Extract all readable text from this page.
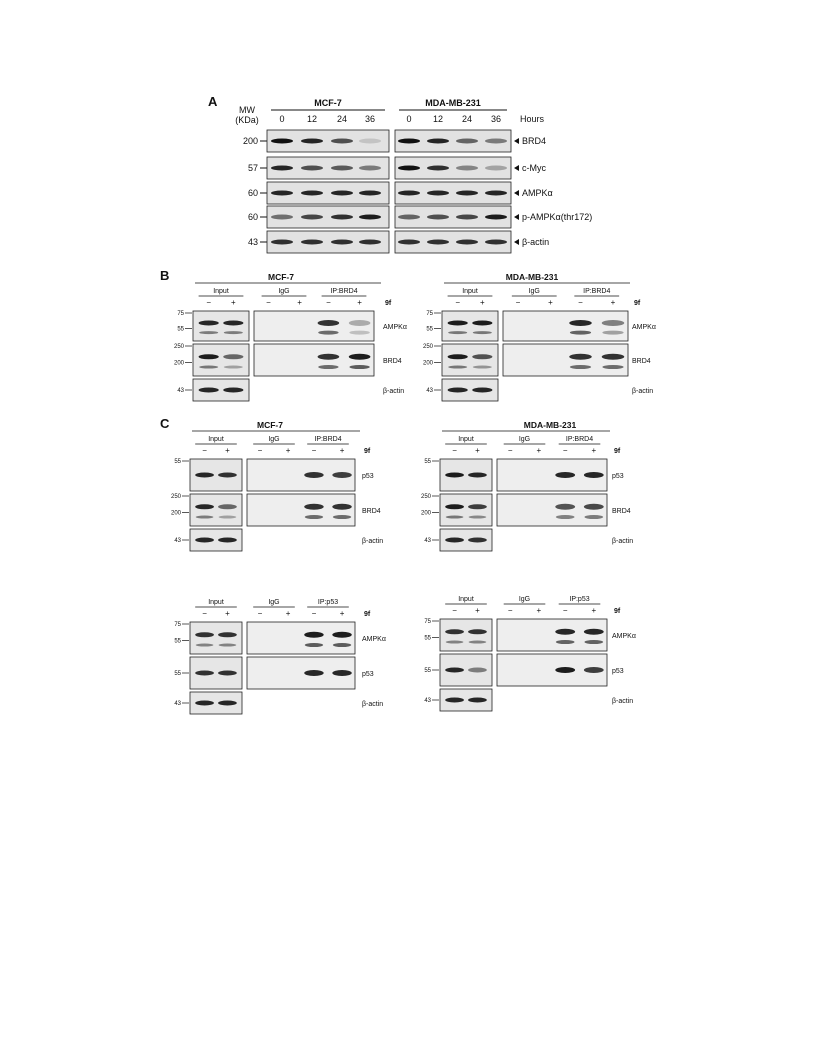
A
MW
(KDa)
MCF-7
0 12 24 36
MDA-MB-231
0 12 24 36 Hours
200	BRD4
57	c-Myc
60	AMPKα
60	p-AMPKα(thr172)
43	β-actin
B	MCF-7
Input	IgG	IP:BRD4
− +	−	+	−	+	9f
75
55	AMPKα
250
200	BRD4
43	β-actin
MDA-MB-231
Input	IgG	IP:BRD4
− +	−	+	−	+	9f
75
55	AMPKα
250
200	BRD4
43	β-actin
C	MCF-7
Input	IgG	IP:BRD4
− +	−	+	−	+	9f
55
p53
250
200	BRD4
43	β-actin
MDA-MB-231
Input	IgG	IP:BRD4
− +	−	+	−	+	9f
55
p53
250
200	BRD4
43	β-actin
Input	IgG	IP:p53
− +	−	+	−	+	9f
75
55	AMPKα
55	p53
43	β-actin
Input	IgG	IP:p53
− +	−	+	−	+	9f
75
55	AMPKα
55	p53
43	β-actin
